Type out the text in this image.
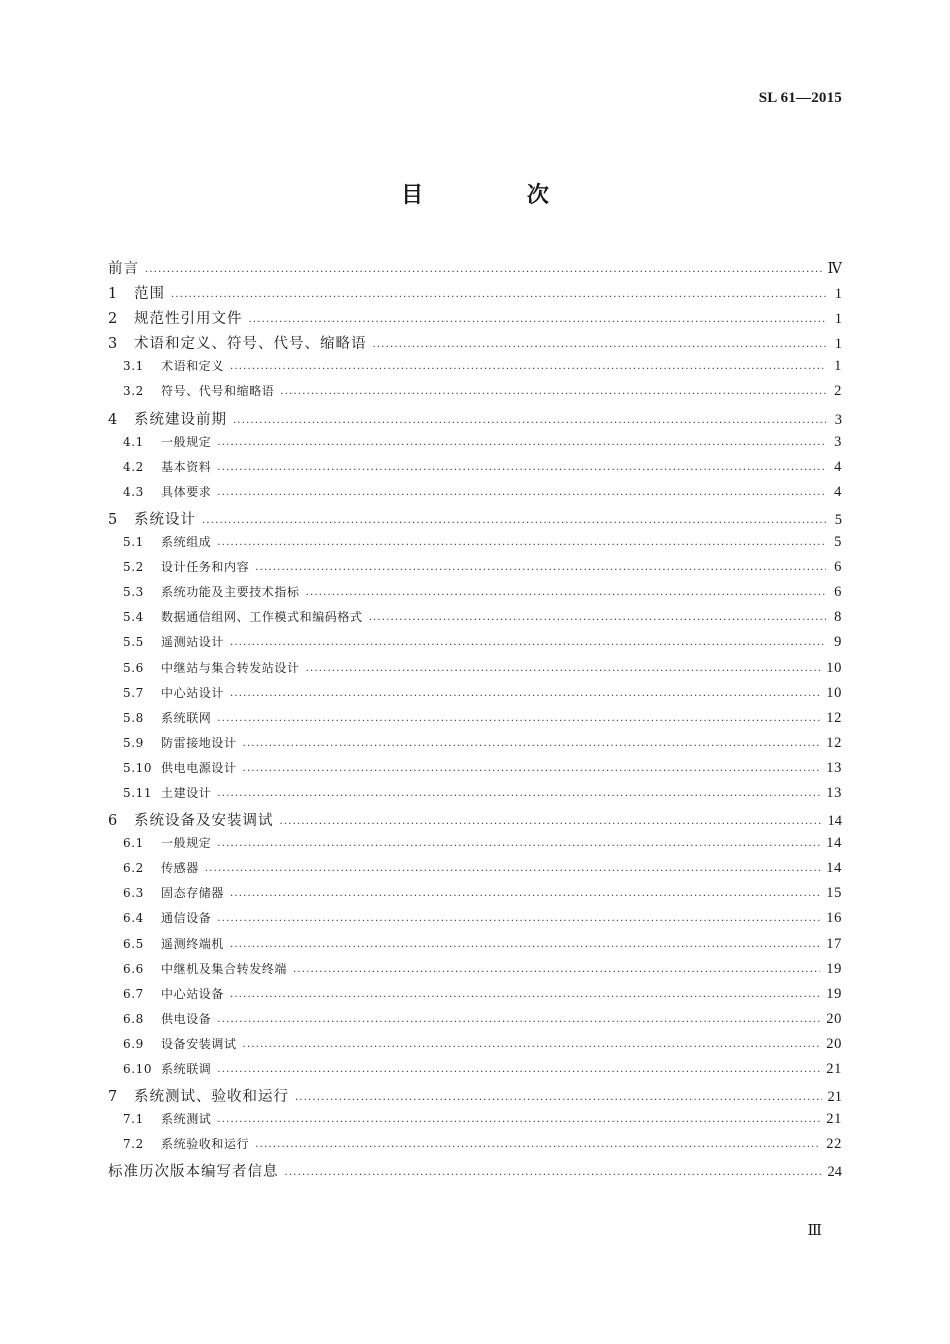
SL 61—2015
目 次
前言 ·····	Ⅳ
1	范围 ·····	1
2	规范性引用文件 ·····	1
3	术语和定义、符号、代号、缩略语 ·····	1
3.1	术语和定义 ·····	1
3.2	符号、代号和缩略语 ·····	2
4	系统建设前期 ·····	3
4.1	一般规定 ·····	3
4.2	基本资料 ·····	4
4.3	具体要求 ·····	4
5	系统设计 ·····	5
5.1	系统组成 ·····	5
5.2	设计任务和内容 ·····	6
5.3	系统功能及主要技术指标 ·····	6
5.4	数据通信组网、工作模式和编码格式 ·····	8
5.5	遥测站设计 ·····	9
5.6	中继站与集合转发站设计 ·····	10
5.7	中心站设计 ·····	10
5.8	系统联网 ·····	12
5.9	防雷接地设计 ·····	12
5.10 供电电源设计 ·····	13
5.11 土建设计 ·····	13
6	系统设备及安装调试 ·····	14
6.1	一般规定 ·····	14
6.2	传感器 ·····	14
6.3	固态存储器 ·····	15
6.4	通信设备 ·····	16
6.5	遥测终端机 ·····	17
6.6	中继机及集合转发终端 ·····	19
6.7	中心站设备 ·····	19
6.8	供电设备 ·····	20
6.9	设备安装调试 ·····	20
6.10 系统联调 ·····	21
7	系统测试、验收和运行 ·····	21
7.1	系统测试 ·····	21
7.2	系统验收和运行 ·····	22
标准历次版本编写者信息 ·····	24
Ⅲ
